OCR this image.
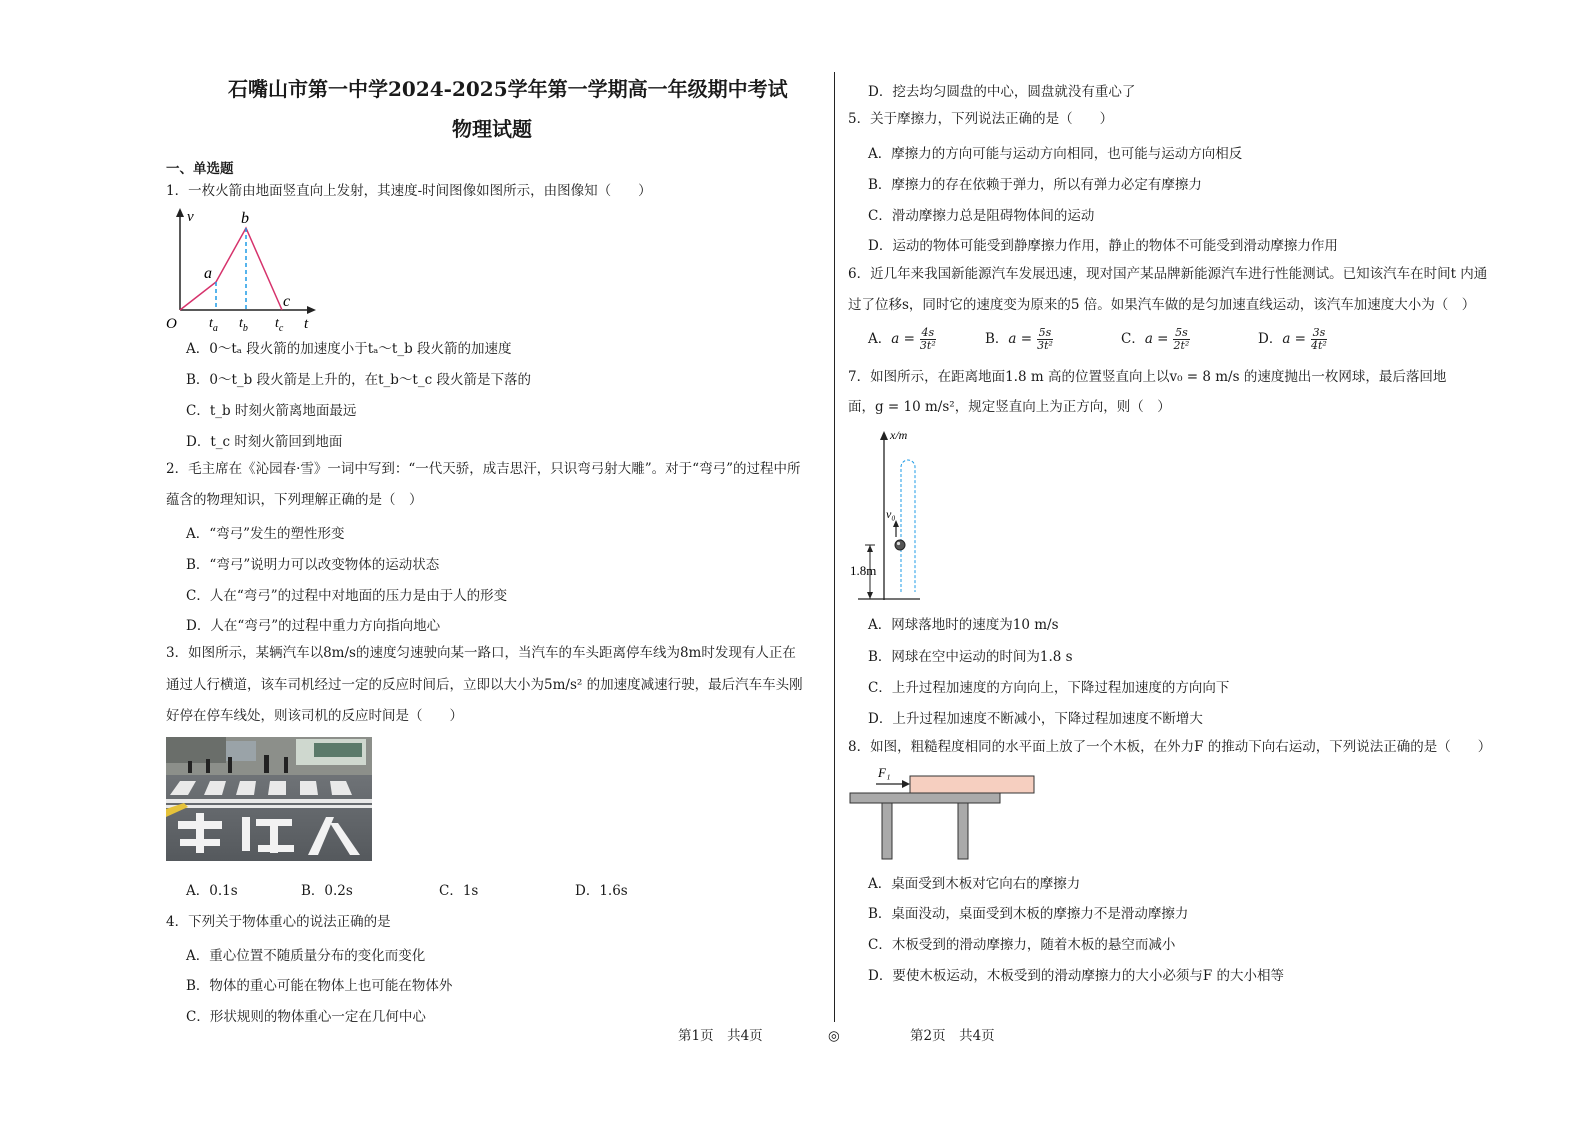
石嘴山市第一中学2024-2025学年第一学期高一年级期中考试
物理试题
一、单选题
1．一枚火箭由地面竖直向上发射，其速度-时间图像如图所示，由图像知（　　）
v
t
O
a
b
c
$t_a$ $t_b$ $t_c$
A．0～tₐ 段火箭的加速度小于tₐ～t_b 段火箭的加速度
B．0～t_b 段火箭是上升的，在t_b～t_c 段火箭是下落的
C．t_b 时刻火箭离地面最远
D．t_c 时刻火箭回到地面
2．毛主席在《沁园春·雪》一词中写到：“一代天骄，成吉思汗，只识弯弓射大雕”。对于“弯弓”的过程中所
蕴含的物理知识，下列理解正确的是（　）
A．“弯弓”发生的塑性形变
B．“弯弓”说明力可以改变物体的运动状态
C．人在“弯弓”的过程中对地面的压力是由于人的形变
D．人在“弯弓”的过程中重力方向指向地心
3．如图所示，某辆汽车以8m/s的速度匀速驶向某一路口，当汽车的车头距离停车线为8m时发现有人正在
通过人行横道，该车司机经过一定的反应时间后，立即以大小为5m/s² 的加速度减速行驶，最后汽车车头刚
好停在停车线处，则该司机的反应时间是（　　）
A．0.1s	B．0.2s	C．1s	D．1.6s
4．下列关于物体重心的说法正确的是
A．重心位置不随质量分布的变化而变化
B．物体的重心可能在物体上也可能在物体外
C．形状规则的物体重心一定在几何中心
D．挖去均匀圆盘的中心，圆盘就没有重心了
5．关于摩擦力，下列说法正确的是（　　）
A．摩擦力的方向可能与运动方向相同，也可能与运动方向相反
B．摩擦力的存在依赖于弹力，所以有弹力必定有摩擦力
C．滑动摩擦力总是阻碍物体间的运动
D．运动的物体可能受到静摩擦力作用，静止的物体不可能受到滑动摩擦力作用
6．近几年来我国新能源汽车发展迅速，现对国产某品牌新能源汽车进行性能测试。已知该汽车在时间t 内通
过了位移s，同时它的速度变为原来的5 倍。如果汽车做的是匀加速直线运动，该汽车加速度大小为（　）
A．$a = \frac{4s}{\text{3t²}}$	B．$a = \frac{5s}{\text{3t²}}$	C．$a = \frac{5s}{\text{2t²}}$	D．$a = \frac{3s}{\text{4t²}}$
7．如图所示，在距离地面1.8 m 高的位置竖直向上以v₀ = 8 m/s 的速度抛出一枚网球，最后落回地
面，g = 10 m/s²，规定竖直向上为正方向，则（　）
x/m
v₀
1.8m
A．网球落地时的速度为10 m/s
B．网球在空中运动的时间为1.8 s
C．上升过程加速度的方向向上，下降过程加速度的方向向下
D．上升过程加速度不断减小，下降过程加速度不断增大
8．如图，粗糙程度相同的水平面上放了一个木板，在外力F 的推动下向右运动，下列说法正确的是（　　）
F₁
A．桌面受到木板对它向右的摩擦力
B．桌面没动，桌面受到木板的摩擦力不是滑动摩擦力
C．木板受到的滑动摩擦力，随着木板的悬空而减小
D．要使木板运动，木板受到的滑动摩擦力的大小必须与F 的大小相等
第1页　共4页	◎	第2页　共4页
